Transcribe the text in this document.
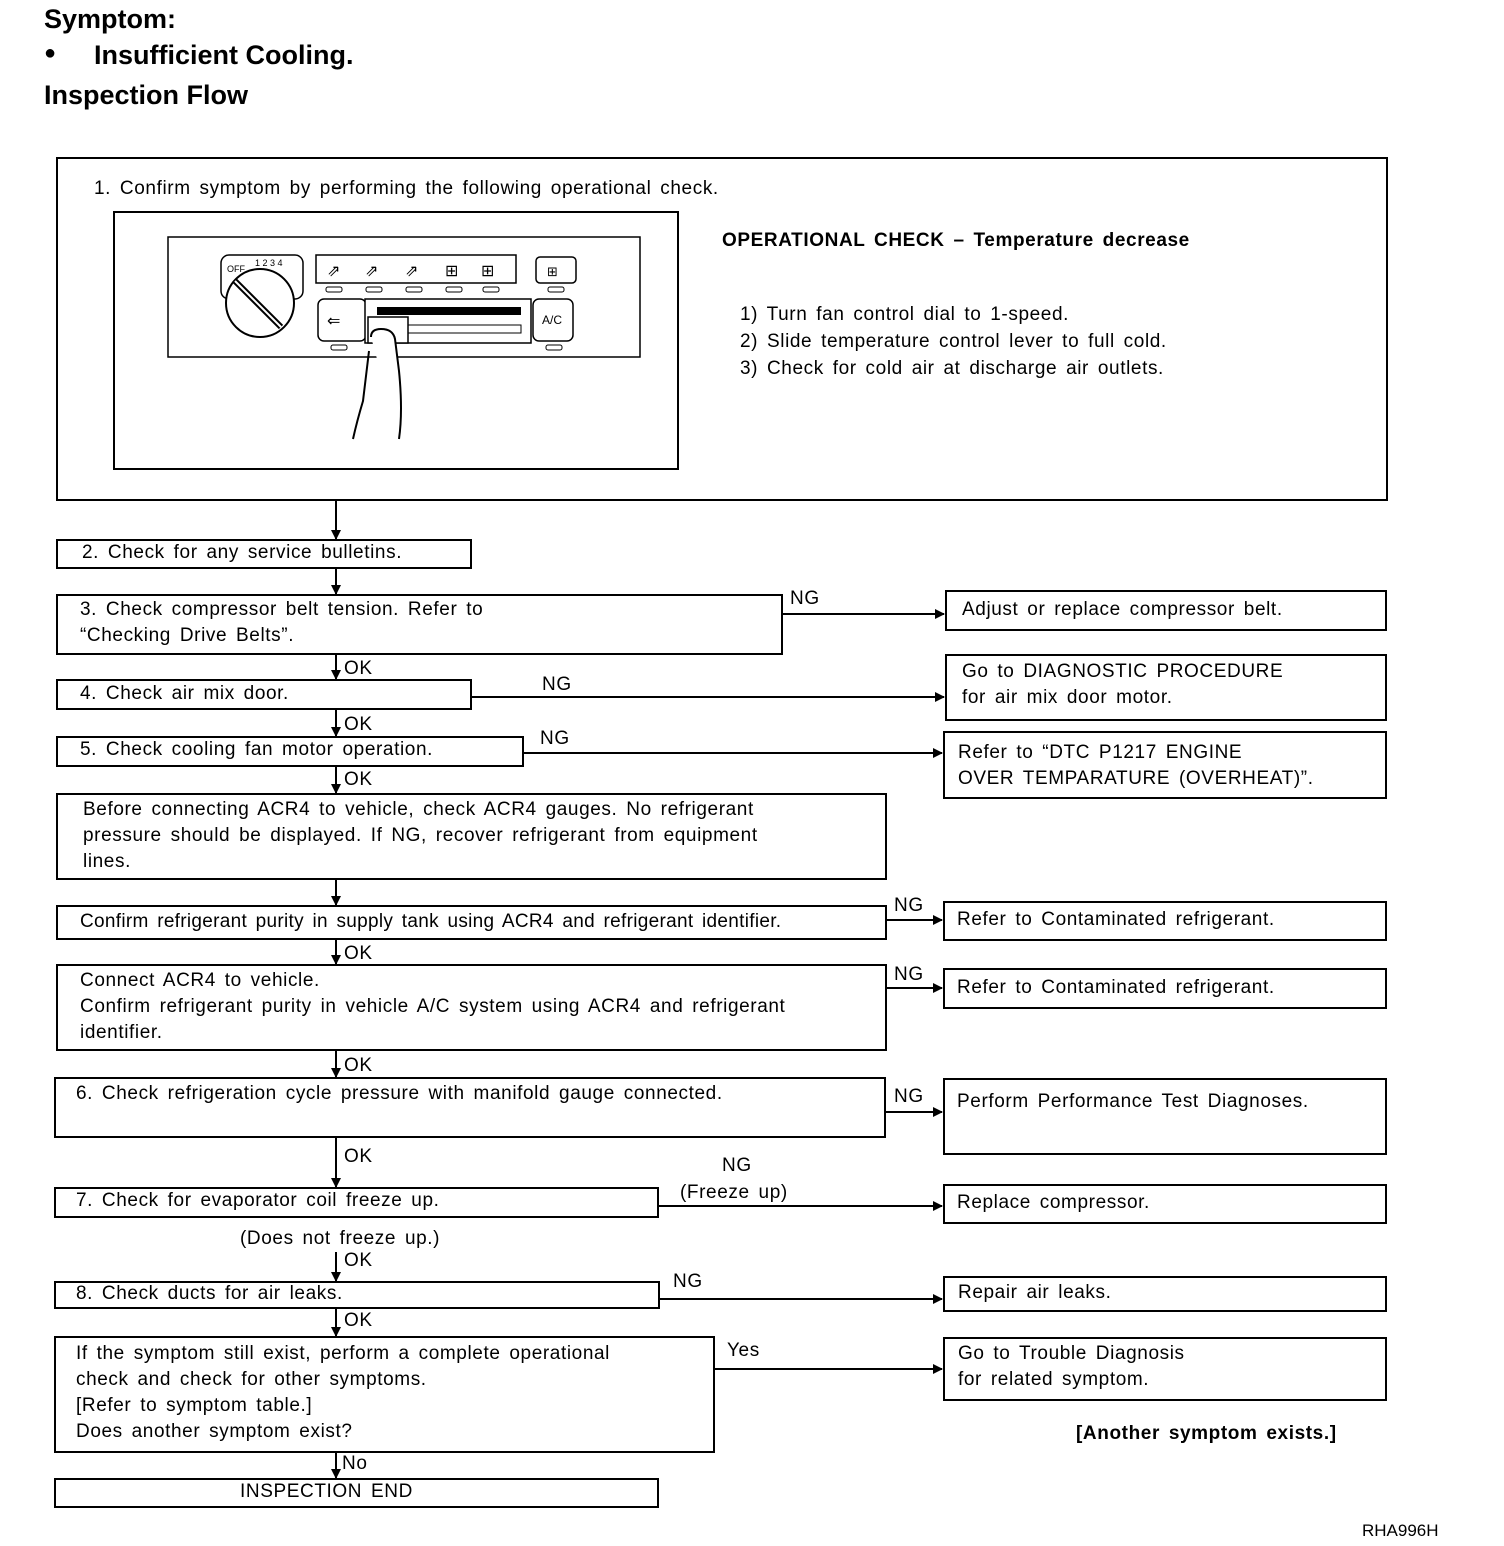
Symptom:
● Insufficient Cooling.
Inspection Flow
1. Confirm symptom by performing the following operational check.
OPERATIONAL CHECK – Temperature decrease
1) Turn fan control dial to 1-speed.
2) Slide temperature control lever to full cold.
3) Check for cold air at discharge air outlets.
OFF
1 2 3 4	⇗ ⇗ ⇗ ⊞ ⊞	⊞
⇐	A/C
2. Check for any service bulletins.
3. Check compressor belt tension. Refer to
“Checking Drive Belts”.
NG
Adjust or replace compressor belt.
OK
4. Check air mix door.	NG
Go to DIAGNOSTIC PROCEDURE
for air mix door motor.
OK
5. Check cooling fan motor operation.
NG
Refer to “DTC P1217 ENGINE
OVER TEMPARATURE (OVERHEAT)”.
OK
Before connecting ACR4 to vehicle, check ACR4 gauges. No refrigerant
pressure should be displayed. If NG, recover refrigerant from equipment
lines.
Confirm refrigerant purity in supply tank using ACR4 and refrigerant identifier.
NG
Refer to Contaminated refrigerant.
OK
Connect ACR4 to vehicle.
Confirm refrigerant purity in vehicle A/C system using ACR4 and refrigerant
identifier.
NG
Refer to Contaminated refrigerant.
OK
6. Check refrigeration cycle pressure with manifold gauge connected.	NG Perform Performance Test Diagnoses.
OK
7. Check for evaporator coil freeze up.
NG
(Freeze up)	Replace compressor.
(Does not freeze up.)
OK
8. Check ducts for air leaks.
NG
Repair air leaks.
OK
If the symptom still exist, perform a complete operational
check and check for other symptoms.
[Refer to symptom table.]
Does another symptom exist?
Yes	Go to Trouble Diagnosis
for related symptom.
[Another symptom exists.]
No
INSPECTION END
RHA996H
